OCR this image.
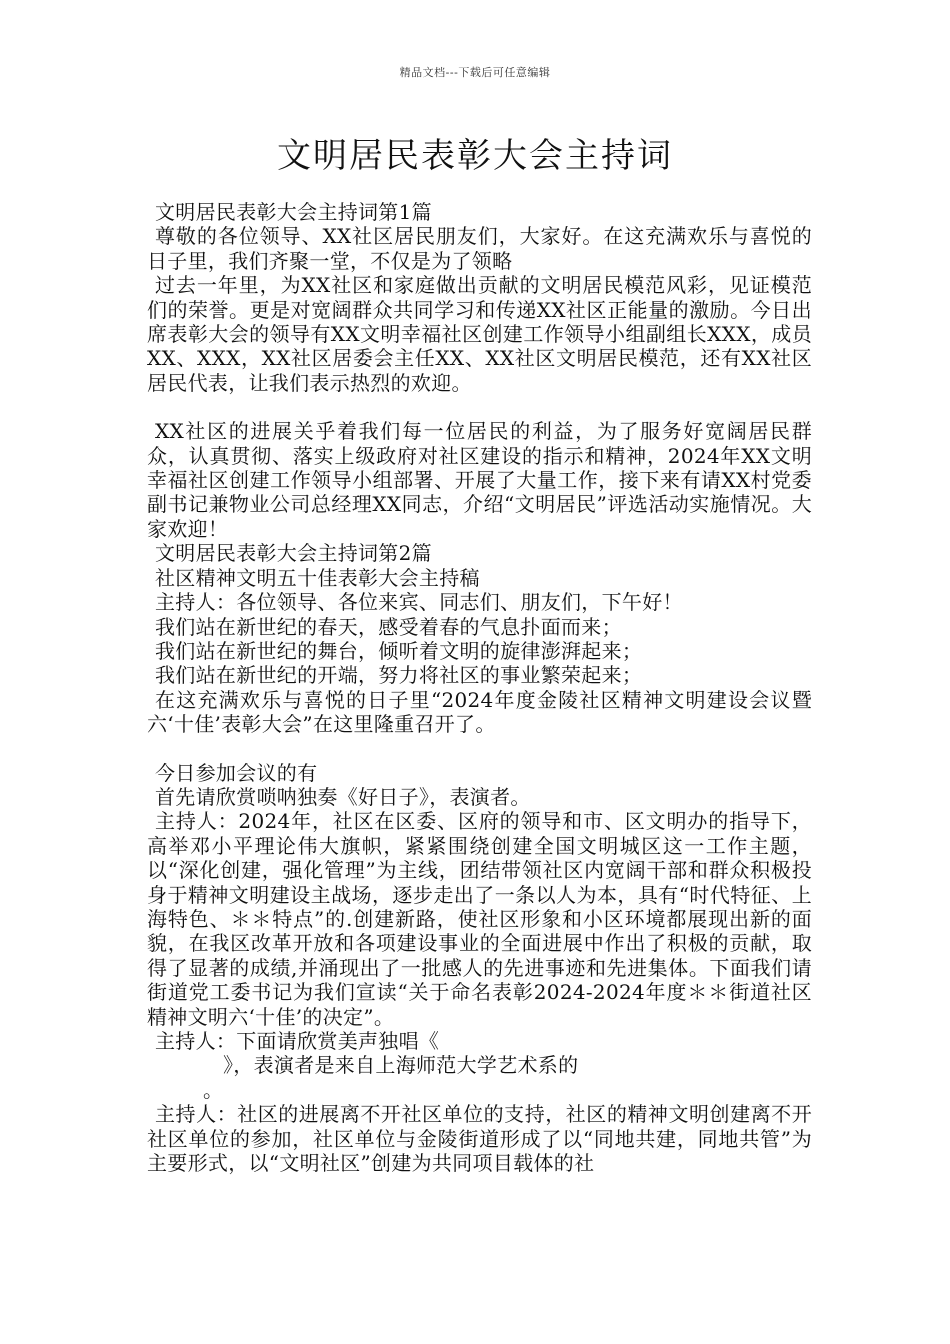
精品文档---下载后可任意编辑
文明居民表彰大会主持词

文明居民表彰大会主持词第1篇

尊敬的各位领导、XX社区居民朋友们，大家好。在这充满欢乐与喜悦的日子里，我们齐聚一堂，不仅是为了领略

过去一年里，为XX社区和家庭做出贡献的文明居民模范风彩，见证模范们的荣誉。更是对宽阔群众共同学习和传递XX社区正能量的激励。今日出席表彰大会的领导有XX文明幸福社区创建工作领导小组副组长XXX，成员XX、XXX，XX社区居委会主任XX、XX社区文明居民模范，还有XX社区居民代表，让我们表示热烈的欢迎。

XX社区的进展关乎着我们每一位居民的利益，为了服务好宽阔居民群众，认真贯彻、落实上级政府对社区建设的指示和精神，2024年XX文明幸福社区创建工作领导小组部署、开展了大量工作，接下来有请XX村党委副书记兼物业公司总经理XX同志，介绍“文明居民”评选活动实施情况。大家欢迎！

文明居民表彰大会主持词第2篇

社区精神文明五十佳表彰大会主持稿

主持人：各位领导、各位来宾、同志们、朋友们，下午好！

我们站在新世纪的春天，感受着春的气息扑面而来；

我们站在新世纪的舞台，倾听着文明的旋律澎湃起来；

我们站在新世纪的开端，努力将社区的事业繁荣起来；

在这充满欢乐与喜悦的日子里“2024年度金陵社区精神文明建设会议暨六‘十佳’表彰大会”在这里隆重召开了。

今日参加会议的有

首先请欣赏唢呐独奏《好日子》，表演者。

主持人：2024年，社区在区委、区府的领导和市、区文明办的指导下，高举邓小平理论伟大旗帜，紧紧围绕创建全国文明城区这一工作主题，以“深化创建，强化管理”为主线，团结带领社区内宽阔干部和群众积极投身于精神文明建设主战场，逐步走出了一条以人为本，具有“时代特征、上海特色、＊＊特点”的.创建新路，使社区形象和小区环境都展现出新的面貌，在我区改革开放和各项建设事业的全面进展中作出了积极的贡献，取得了显著的成绩,并涌现出了一批感人的先进事迹和先进集体。下面我们请街道党工委书记为我们宣读“关于命名表彰2024-2024年度＊＊街道社区精神文明六‘十佳’的决定”。

主持人：下面请欣赏美声独唱《

》，表演者是来自上海师范大学艺术系的

。

主持人：社区的进展离不开社区单位的支持，社区的精神文明创建离不开社区单位的参加，社区单位与金陵街道形成了以“同地共建，同地共管”为主要形式，以“文明社区”创建为共同项目载体的社
